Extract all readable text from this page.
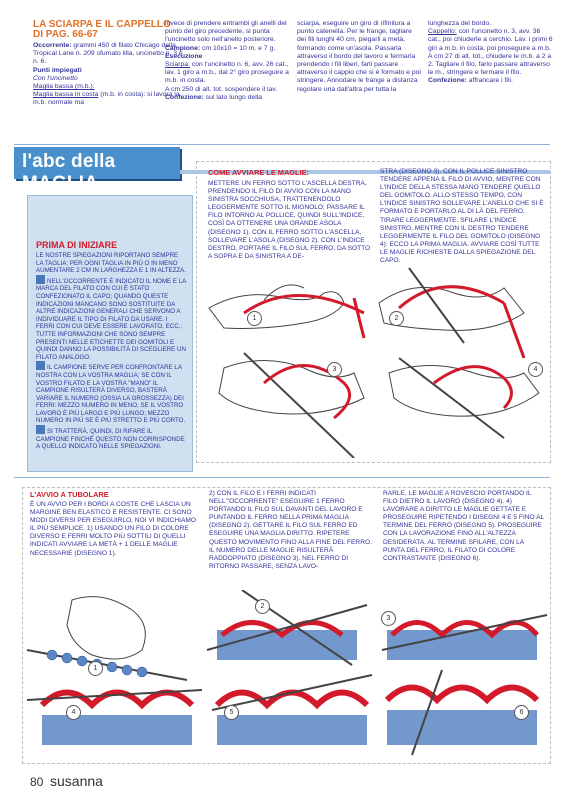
LA SCIARPA E IL CAPPELLO DI PAG. 66-67
Occorrente: grammi 450 di filato Chicago della Tropical Lane n. 209 sfumato lilla, uncinetto n. 3 e n. 6.
Punti impiegati
Con l'uncinetto
Maglia bassa (m.b.):
Maglia bassa in costa (m.b. in costa): si lavora la m.b. normale ma
invece di prendere entrambi gli anelli del punto del giro precedente, si punta l'uncinetto solo nell'anello posteriore.
Campione: cm 10x10 = 10 m. e 7 g.
Esecuzione
Sciarpa: con l'uncinetto n. 6, avv. 26 cat., lav. 1 giro a m.b., dal 2° giro proseguire a m.b. in costa.
A cm 250 di alt. tot. sospendere il lav.
Confezione: sul lato lungo della
sciarpa, eseguire un giro di rifinitura a punto catenella. Per le frange, tagliare dei fili lunghi 40 cm, piegarli a metà, formando come un'asola. Passarla attraverso il bordo del lavoro e fermarla prendendo i fili liberi, farli passare attraverso il cappio che si è formato e poi stringere. Annodare le frange a distanza regolare una dall'altra per tutta la
lunghezza del bordo.
Cappello: con l'uncinetto n. 3, avv. 36 cat., poi chiuderle a cerchio. Lav. i primi 6 giri a m.b. in costa, poi proseguire a m.b. A cm 27 di alt. tot., chiudere le m.b. a 2 a 2. Tagliare il filo, farlo passare attraverso le m., stringere e fermare il filo.
Confezione: affrancare i fili.
l'abc della MAGLIA
PRIMA DI INIZIARE
LE NOSTRE SPIEGAZIONI RIPORTANO SEMPRE LA TAGLIA: PER OGNI TAGLIA IN PIÙ O IN MENO AUMENTARE 2 CM IN LARGHEZZA E 1 IN ALTEZZA.
NELL'OCCORRENTE È INDICATO IL NOME E LA MARCA DEL FILATO CON CUI È STATO CONFEZIONATO IL CAPO; QUANDO QUESTE INDICAZIONI MANCANO SONO SOSTITUITE DA ALTRE INDICAZIONI GENERALI CHE SERVONO A INDIVIDUARE IL TIPO DI FILATO DA USARE, I FERRI CON CUI DEVE ESSERE LAVORATO, ECC.; TUTTE INFORMAZIONI CHE SONO SEMPRE PRESENTI NELLE ETICHETTE DEI GOMITOLI E QUINDI DANNO LA POSSIBILITÀ DI SCEGLIERE UN FILATO ANALOGO.
IL CAMPIONE SERVE PER CONFRONTARE LA NOSTRA CON LA VOSTRA MAGLIA; SE CON IL VOSTRO FILATO E LA VOSTRA "MANO" IL CAMPIONE RISULTERÀ DIVERSO, BASTERÀ VARIARE IL NUMERO (OSSIA LA GROSSEZZA) DEI FERRI: MEZZO NUMERO IN MENO, SE IL VOSTRO LAVORO È PIÙ LARGO E PIÙ LUNGO; MEZZO NUMERO IN PIÙ SE È PIÙ STRETTO E PIÙ CORTO.
SI TRATTERÀ, QUINDI, DI RIFARE IL CAMPIONE FINCHÉ QUESTO NON CORRISPONDE A QUELLO INDICATO NELLE SPIEGAZIONI.
COME AVVIARE LE MAGLIE:
METTERE UN FERRO SOTTO L'ASCELLA DESTRA, PRENDENDO IL FILO DI AVVIO CON LA MANO SINISTRA SOCCHIUSA, TRATTENENDOLO LEGGERMENTE SOTTO IL MIGNOLO; PASSARE IL FILO INTORNO AL POLLICE, QUINDI SULL'INDICE, COSÌ DA OTTENERE UNA GRANDE ASOLA (DISEGNO 1). CON IL FERRO SOTTO L'ASCELLA, SOLLEVARE L'ASOLA (DISEGNO 2). CON L'INDICE DESTRO, PORTARE IL FILO SUL FERRO, DA SOTTO A SOPRA E DA SINISTRA A DE-
STRA (DISEGNO 3). CON IL POLLICE SINISTRO TENDERE APPENA IL FILO DI AVVIO, MENTRE CON L'INDICE DELLA STESSA MANO TENDERE QUELLO DEL GOMITOLO. ALLO STESSO TEMPO, CON L'INDICE SINISTRO SOLLEVARE L'ANELLO CHE SI È FORMATO E PORTARLO AL DI LÀ DEL FERRO. TIRARE LEGGERMENTE. SFILARE L'INDICE SINISTRO, MENTRE CON IL DESTRO TENDERE LEGGERMENTE IL FILO DEL GOMITOLO (DISEGNO 4): ECCO LA PRIMA MAGLIA. AVVIARE COSÌ TUTTE LE MAGLIE RICHIESTE DALLA SPIEGAZIONE DEL CAPO.
1	2
3	4
L'AVVIO A TUBOLARE
È UN AVVIO PER I BORDI A COSTE CHE LASCIA UN MARGINE BEN ELASTICO E RESISTENTE. CI SONO MODI DIVERSI PER ESEGUIRLO, NOI VI INDICHIAMO IL PIÙ SEMPLICE. 1) USANDO UN FILO DI COLORE DIVERSO E FERRI MOLTO PIÙ SOTTILI DI QUELLI INDICATI AVVIARE LA METÀ + 1 DELLE MAGLIE NECESSARIE (DISEGNO 1).
2) CON IL FILO E I FERRI INDICATI NELL'"OCCORRENTE" ESEGUIRE 1 FERRO PORTANDO IL FILO SUL DAVANTI DEL LAVORO E PUNTANDO IL FERRO NELLA PRIMA MAGLIA (DISEGNO 2). GETTARE IL FILO SUL FERRO ED ESEGUIRE UNA MAGLIA DIRITTO. RIPETERE QUESTO MOVIMENTO FINO ALLA FINE DEL FERRO. IL NUMERO DELLE MAGLIE RISULTERÀ RADDOPPIATO (DISEGNO 3). NEL FERRO DI RITORNO PASSARE, SENZA LAVO-
RARLE, LE MAGLIE A ROVESCIO PORTANDO IL FILO DIETRO IL LAVORO (DISEGNO 4). 4) LAVORARE A DIRITTO LE MAGLIE GETTATE E PROSEGUIRE RIPETENDO I DISEGNI 4 E 5 FINO AL TERMINE DEL FERRO (DISEGNO 5). PROSEGUIRE CON LA LAVORAZIONE FINO ALL'ALTEZZA DESIDERATA. AL TERMINE SFILARE, CON LA PUNTA DEL FERRO, IL FILATO DI COLORE CONTRASTANTE (DISEGNO 6).
1
2
3
4	5	6
80 susanna
